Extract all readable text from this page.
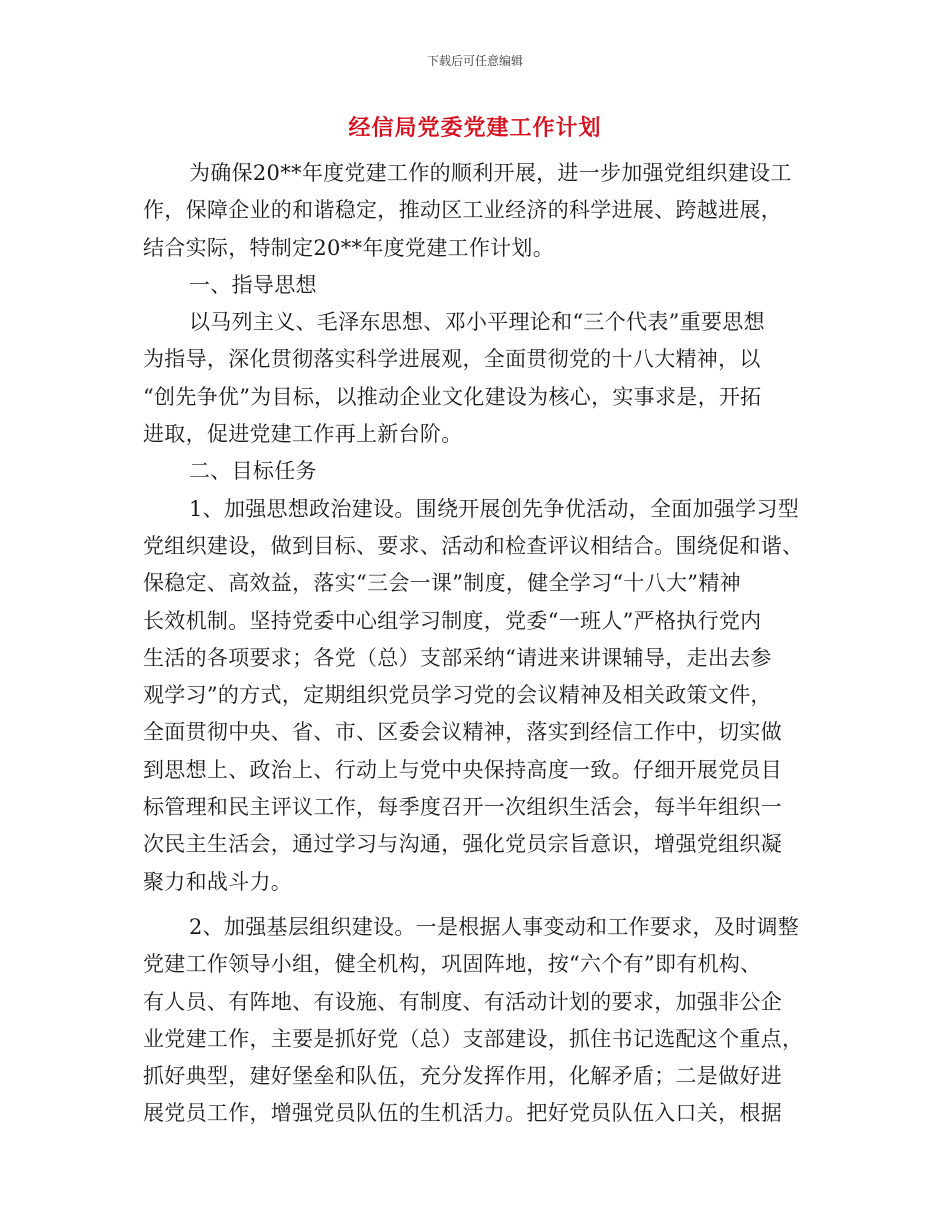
下载后可任意编辑
经信局党委党建工作计划
为确保20**年度党建工作的顺利开展，进一步加强党组织建设工
作，保障企业的和谐稳定，推动区工业经济的科学进展、跨越进展，
结合实际，特制定20**年度党建工作计划。
一、指导思想
以马列主义、毛泽东思想、邓小平理论和“三个代表”重要思想
为指导，深化贯彻落实科学进展观，全面贯彻党的十八大精神，以
“创先争优”为目标，以推动企业文化建设为核心，实事求是，开拓
进取，促进党建工作再上新台阶。
二、目标任务
1、加强思想政治建设。围绕开展创先争优活动，全面加强学习型
党组织建设，做到目标、要求、活动和检查评议相结合。围绕促和谐、
保稳定、高效益，落实“三会一课”制度，健全学习“十八大”精神
长效机制。坚持党委中心组学习制度，党委“一班人”严格执行党内
生活的各项要求；各党（总）支部采纳“请进来讲课辅导，走出去参
观学习”的方式，定期组织党员学习党的会议精神及相关政策文件，
全面贯彻中央、省、市、区委会议精神，落实到经信工作中，切实做
到思想上、政治上、行动上与党中央保持高度一致。仔细开展党员目
标管理和民主评议工作，每季度召开一次组织生活会，每半年组织一
次民主生活会，通过学习与沟通，强化党员宗旨意识，增强党组织凝
聚力和战斗力。
2、加强基层组织建设。一是根据人事变动和工作要求，及时调整
党建工作领导小组，健全机构，巩固阵地，按“六个有”即有机构、
有人员、有阵地、有设施、有制度、有活动计划的要求，加强非公企
业党建工作，主要是抓好党（总）支部建设，抓住书记选配这个重点，
抓好典型，建好堡垒和队伍，充分发挥作用，化解矛盾；二是做好进
展党员工作，增强党员队伍的生机活力。把好党员队伍入口关，根据
